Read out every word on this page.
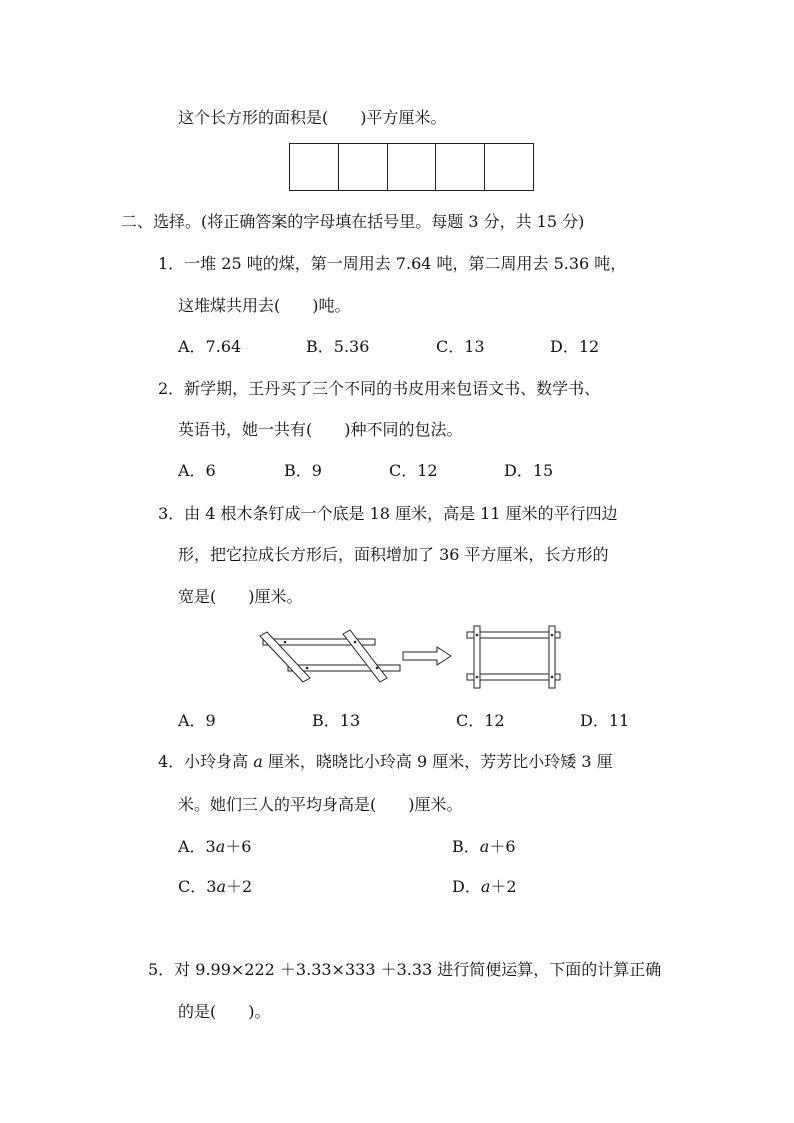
这个长方形的面积是(　　)平方厘米。
二、选择。(将正确答案的字母填在括号里。每题 3 分，共 15 分)
1．一堆 25 吨的煤，第一周用去 7.64 吨，第二周用去 5.36 吨，
这堆煤共用去(　　)吨。
A．7.64	B．5.36	C．13	D．12
2．新学期，王丹买了三个不同的书皮用来包语文书、数学书、
英语书，她一共有(　　)种不同的包法。
A．6	B．9	C．12	D．15
3．由 4 根木条钉成一个底是 18 厘米，高是 11 厘米的平行四边
形，把它拉成长方形后，面积增加了 36 平方厘米，长方形的
宽是(　　)厘米。
A．9	B．13	C．12	D．11
4．小玲身高 a 厘米，晓晓比小玲高 9 厘米，芳芳比小玲矮 3 厘
米。她们三人的平均身高是(　　)厘米。
A．3a＋6	B．a＋6
C．3a＋2	D．a＋2
5．对 9.99×222 ＋3.33×333 ＋3.33 进行简便运算，下面的计算正确
的是(　　)。
